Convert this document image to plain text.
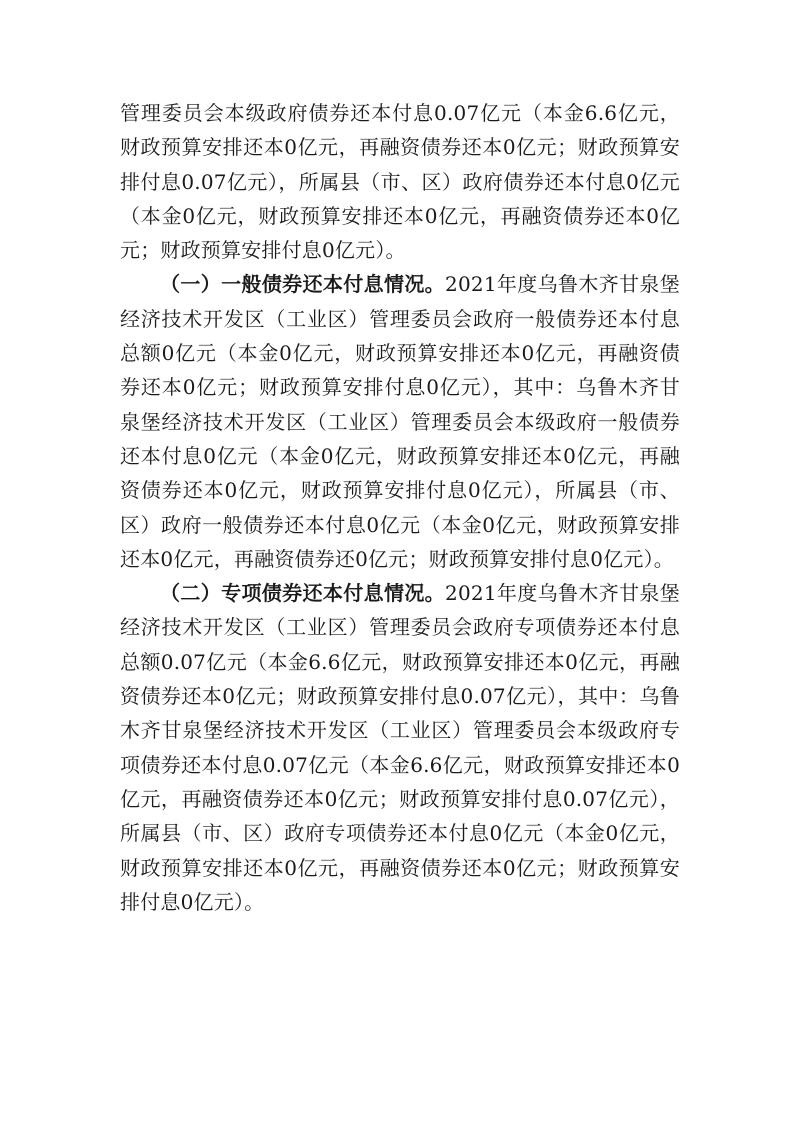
管理委员会本级政府债券还本付息0.07亿元（本金6.6亿元，财政预算安排还本0亿元，再融资债券还本0亿元；财政预算安排付息0.07亿元），所属县（市、区）政府债券还本付息0亿元（本金0亿元，财政预算安排还本0亿元，再融资债券还本0亿元；财政预算安排付息0亿元）。

（一）一般债券还本付息情况。2021年度乌鲁木齐甘泉堡经济技术开发区（工业区）管理委员会政府一般债券还本付息总额0亿元（本金0亿元，财政预算安排还本0亿元，再融资债券还本0亿元；财政预算安排付息0亿元），其中：乌鲁木齐甘泉堡经济技术开发区（工业区）管理委员会本级政府一般债券还本付息0亿元（本金0亿元，财政预算安排还本0亿元，再融资债券还本0亿元，财政预算安排付息0亿元），所属县（市、区）政府一般债券还本付息0亿元（本金0亿元，财政预算安排还本0亿元，再融资债券还0亿元；财政预算安排付息0亿元）。

（二）专项债券还本付息情况。2021年度乌鲁木齐甘泉堡经济技术开发区（工业区）管理委员会政府专项债券还本付息总额0.07亿元（本金6.6亿元，财政预算安排还本0亿元，再融资债券还本0亿元；财政预算安排付息0.07亿元），其中：乌鲁木齐甘泉堡经济技术开发区（工业区）管理委员会本级政府专项债券还本付息0.07亿元（本金6.6亿元，财政预算安排还本0亿元，再融资债券还本0亿元；财政预算安排付息0.07亿元），所属县（市、区）政府专项债券还本付息0亿元（本金0亿元，财政预算安排还本0亿元，再融资债券还本0亿元；财政预算安排付息0亿元）。
